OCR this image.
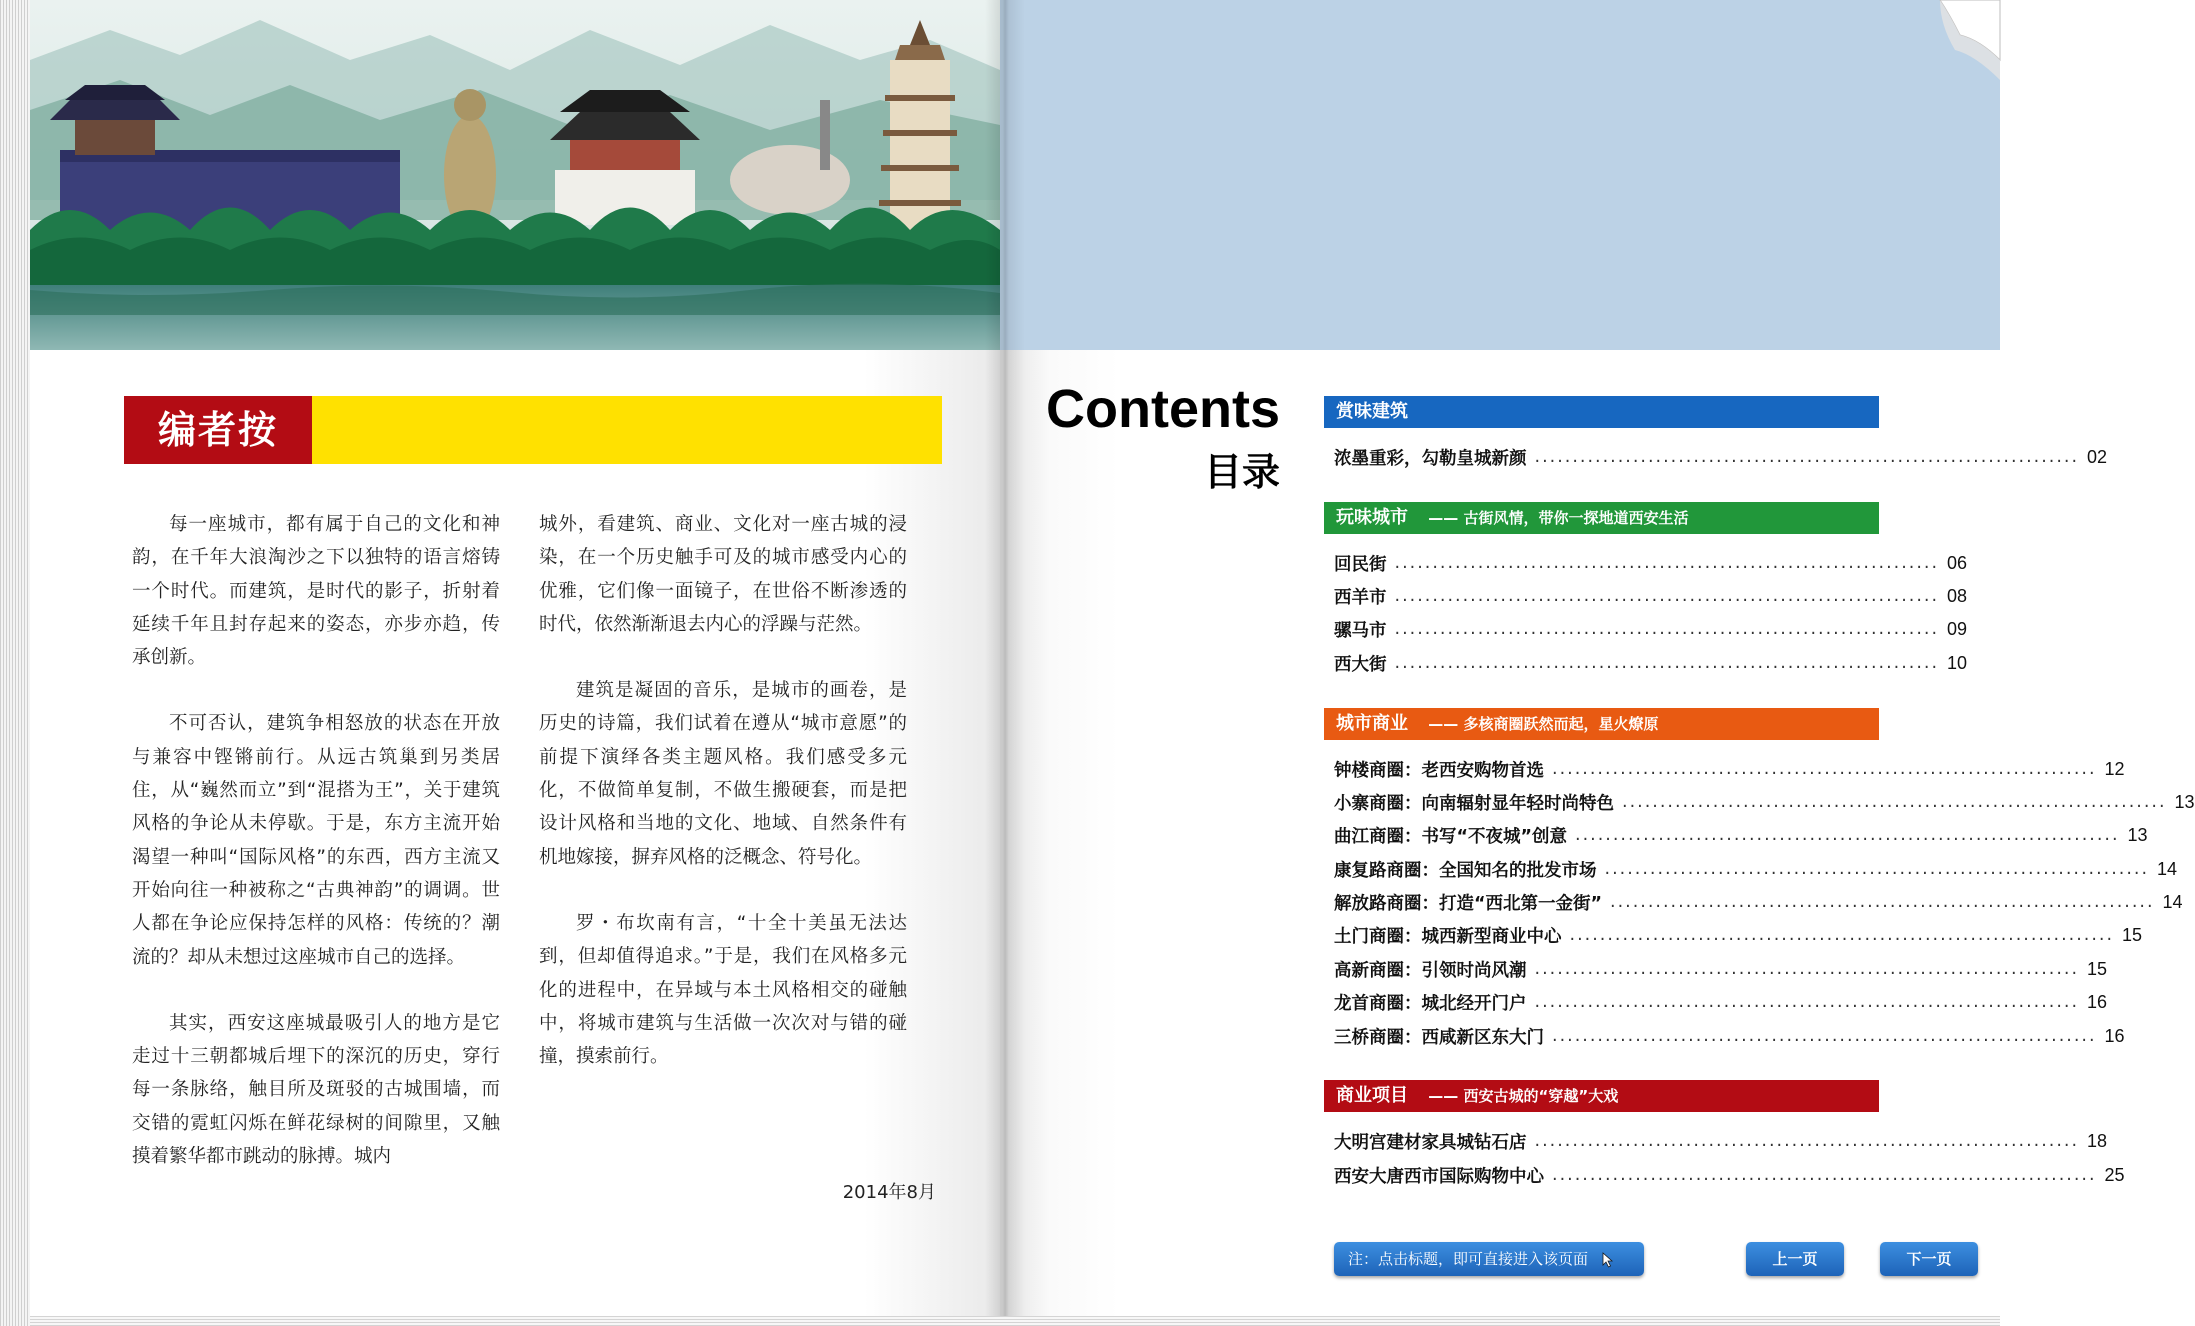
编者按

每一座城市，都有属于自己的文化和神韵，在千年大浪淘沙之下以独特的语言熔铸一个时代。而建筑，是时代的影子，折射着延续千年且封存起来的姿态，亦步亦趋，传承创新。

不可否认，建筑争相怒放的状态在开放与兼容中铿锵前行。从远古筑巢到另类居住，从“巍然而立”到“混搭为王”，关于建筑风格的争论从未停歇。于是，东方主流开始渴望一种叫“国际风格”的东西，西方主流又开始向往一种被称之“古典神韵”的调调。世人都在争论应保持怎样的风格：传统的？潮流的？却从未想过这座城市自己的选择。

其实，西安这座城最吸引人的地方是它走过十三朝都城后埋下的深沉的历史，穿行每一条脉络，触目所及斑驳的古城围墙，而交错的霓虹闪烁在鲜花绿树的间隙里，又触摸着繁华都市跳动的脉搏。城内

城外，看建筑、商业、文化对一座古城的浸染，在一个历史触手可及的城市感受内心的优雅，它们像一面镜子，在世俗不断渗透的时代，依然渐渐退去内心的浮躁与茫然。

建筑是凝固的音乐，是城市的画卷，是历史的诗篇，我们试着在遵从“城市意愿”的前提下演绎各类主题风格。我们感受多元化，不做简单复制，不做生搬硬套，而是把设计风格和当地的文化、地域、自然条件有机地嫁接，摒弃风格的泛概念、符号化。

罗・布坎南有言，“十全十美虽无法达到，但却值得追求。”于是，我们在风格多元化的进程中，在异域与本土风格相交的碰触中，将城市建筑与生活做一次次对与错的碰撞，摸索前行。

2014年8月
Contents
目录
赏味建筑
浓墨重彩，勾勒皇城新颜 ........................................................................ 02
玩味城市 —— 古街风情，带你一探地道西安生活
回民街 ........................................................................ 06
西羊市 ........................................................................ 08
骡马市 ........................................................................ 09
西大街 ........................................................................ 10
城市商业 —— 多核商圈跃然而起，星火燎原
钟楼商圈：老西安购物首选 ........................................................................ 12
小寨商圈：向南辐射显年轻时尚特色 ........................................................................ 13
曲江商圈：书写“不夜城”创意 ........................................................................ 13
康复路商圈：全国知名的批发市场 ........................................................................ 14
解放路商圈：打造“西北第一金街” ........................................................................ 14
土门商圈：城西新型商业中心 ........................................................................ 15
高新商圈：引领时尚风潮 ........................................................................ 15
龙首商圈：城北经开门户 ........................................................................ 16
三桥商圈：西咸新区东大门 ........................................................................ 16
商业项目 —— 西安古城的“穿越”大戏
大明宫建材家具城钻石店 ........................................................................ 18
西安大唐西市国际购物中心 ........................................................................ 25
注：点击标题，即可直接进入该页面	上一页	下一页
